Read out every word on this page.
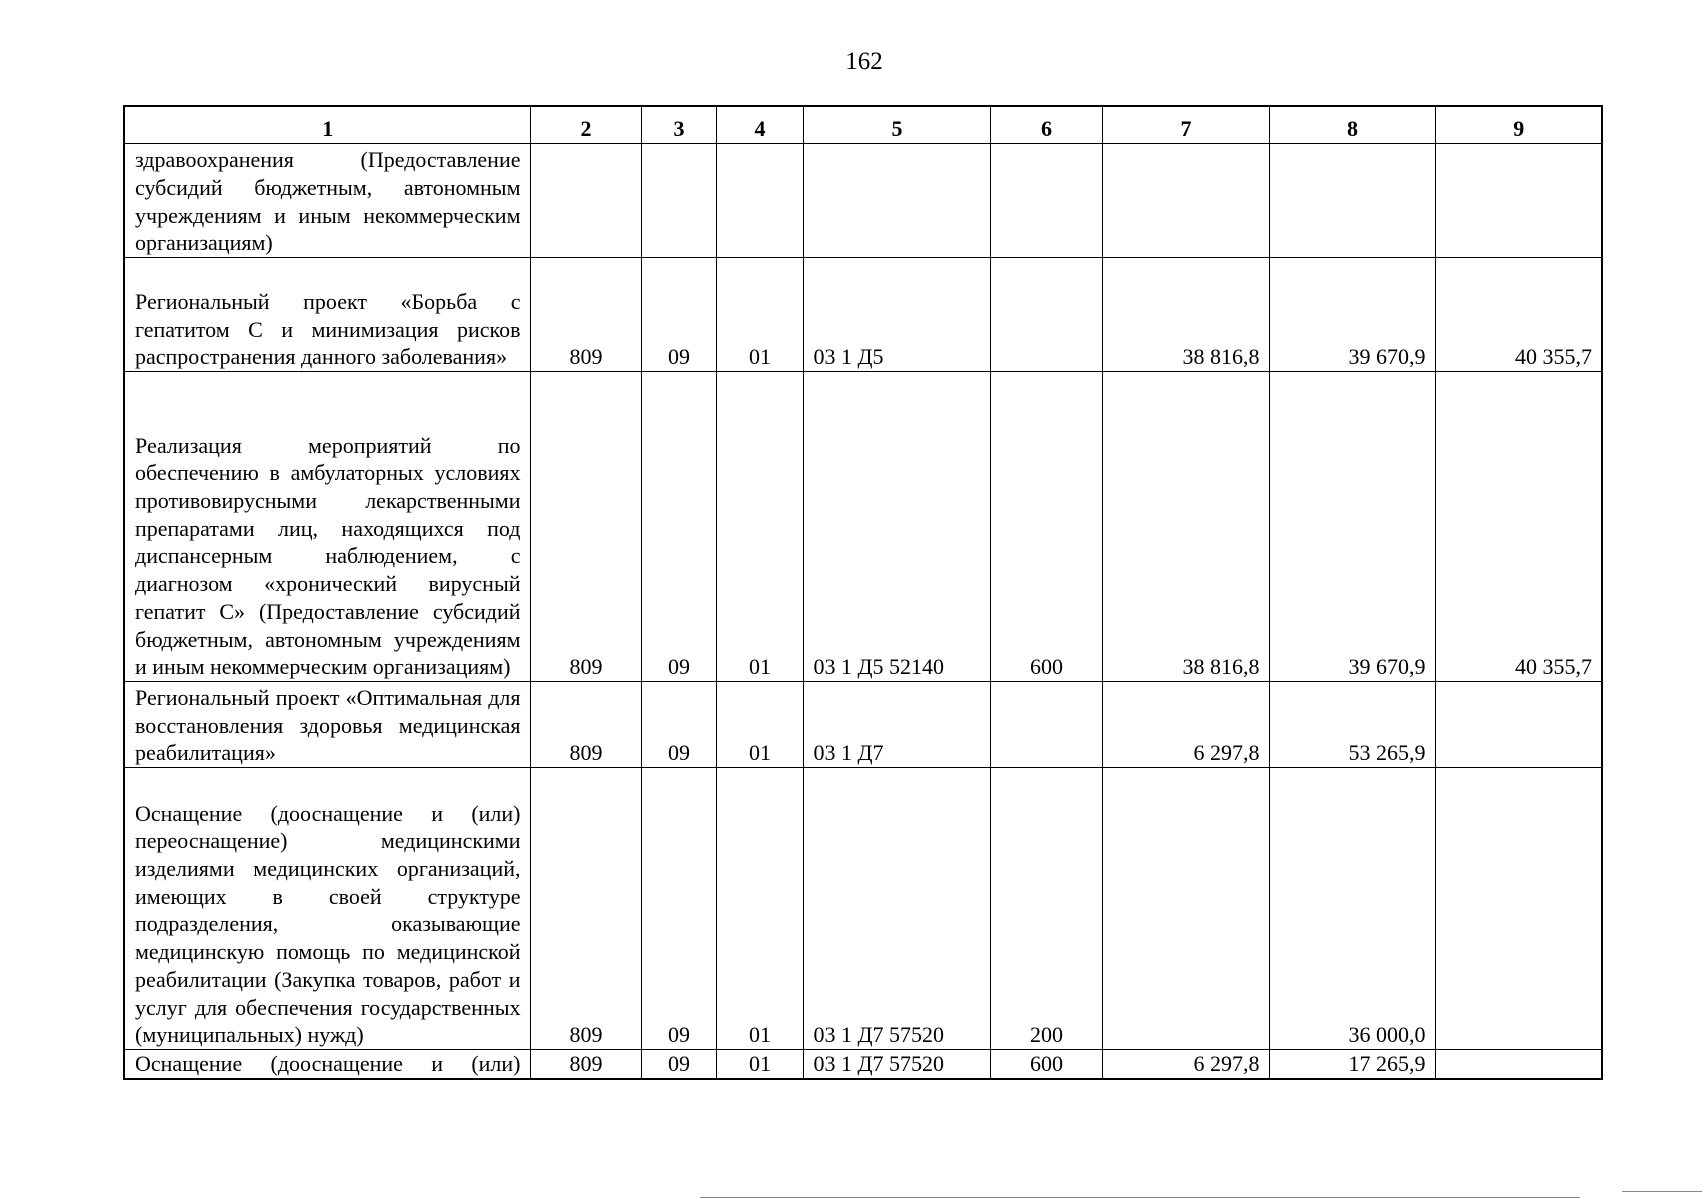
162
1	2	3	4	5	6	7	8	9
здравоохранения (Предоставление субсидий бюджетным, автономным учреждениям и иным некоммерческим организациям)								
Региональный проект «Борьба с гепатитом С и минимизация рисков распространения данного заболевания»	809	09	01	03 1 Д5		38 816,8	39 670,9	40 355,7
Реализация мероприятий по обеспечению в амбулаторных условиях противовирусными лекарственными препаратами лиц, находящихся под диспансерным наблюдением, с диагнозом «хронический вирусный гепатит С» (Предоставление субсидий бюджетным, автономным учреждениям и иным некоммерческим организациям)	809	09	01	03 1 Д5 52140	600	38 816,8	39 670,9	40 355,7
Региональный проект «Оптимальная для восстановления здоровья медицинская реабилитация»	809	09	01	03 1 Д7		6 297,8	53 265,9	
Оснащение (дооснащение и (или) переоснащение) медицинскими изделиями медицинских организаций, имеющих в своей структуре подразделения, оказывающие медицинскую помощь по медицинской реабилитации (Закупка товаров, работ и услуг для обеспечения государственных (муниципальных) нужд)	809	09	01	03 1 Д7 57520	200		36 000,0	
Оснащение (дооснащение и (или)	809	09	01	03 1 Д7 57520	600	6 297,8	17 265,9	
